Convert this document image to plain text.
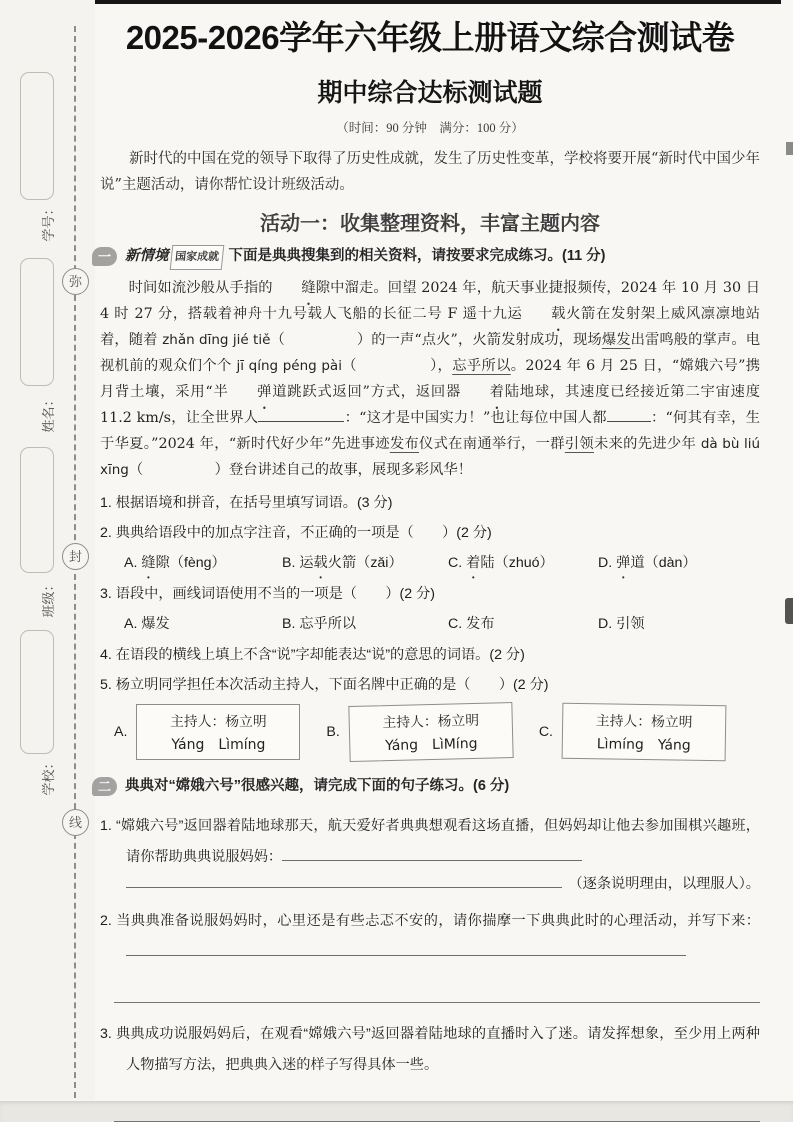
学号：
姓名：
班级：
学校：
弥
封
线
2025-2026学年六年级上册语文综合测试卷
期中综合达标测试题
（时间：90 分钟　满分：100 分）

新时代的中国在党的领导下取得了历史性成就，发生了历史性变革，学校将要开展“新时代中国少年说”主题活动，请你帮忙设计班级活动。

活动一：收集整理资料，丰富主题内容
一 新情境 国家成就 下面是典典搜集到的相关资料，请按要求完成练习。(11 分)

时间如流沙般从手指的 缝隙中溜走。回望 2024 年，航天事业捷报频传，2024 年 10 月 30 日 4 时 27 分，搭载着神舟十九号载人飞船的长征二号 F 遥十九运 载火箭在发射架上威风凛凛地站着，随着 zhǎn dīng jié tiě（　　　　　）的一声“点火”，火箭发射成功，现场爆发出雷鸣般的掌声。电视机前的观众们个个 jī qíng péng pài（　　　　　），忘乎所以。2024 年 6 月 25 日，“嫦娥六号”携月背土壤，采用“半 弹道跳跃式返回”方式，返回器 着陆地球，其速度已经接近第二宇宙速度 11.2 km/s，让全世界人	：“这才是中国实力！”也让每位中国人都	：“何其有幸，生于华夏。”2024 年，“新时代好少年”先进事迹发布仪式在南通举行，一群引领未来的先进少年 dà bù liú xīng（　　　　　）登台讲述自己的故事，展现多彩风华！

1. 根据语境和拼音，在括号里填写词语。(3 分)
2. 典典给语段中的加点字注音，不正确的一项是（　　）(2 分)
A. 缝隙（fèng）	B. 运载火箭（zǎi）	C. 着陆（zhuó）	D. 弹道（dàn）
3. 语段中，画线词语使用不当的一项是（　　）(2 分)
A. 爆发	B. 忘乎所以	C. 发布	D. 引领
4. 在语段的横线上填上不含“说”字却能表达“说”的意思的词语。(2 分)
5. 杨立明同学担任本次活动主持人，下面名牌中正确的是（　　）(2 分)
A.
主持人：杨立明
Yáng　Lìmíng
B.
主持人：杨立明
Yáng　LìMíng
C.
主持人：杨立明
Lìmíng　Yáng
二 典典对“嫦娥六号”很感兴趣，请完成下面的句子练习。(6 分)
1. “嫦娥六号”返回器着陆地球那天，航天爱好者典典想观看这场直播，但妈妈却让他去参加围棋兴趣班，请你帮助典典说服妈妈：
（逐条说明理由，以理服人）。
2. 当典典准备说服妈妈时，心里还是有些忐忑不安的，请你揣摩一下典典此时的心理活动，并写下来：
3. 典典成功说服妈妈后，在观看“嫦娥六号”返回器着陆地球的直播时入了迷。请发挥想象，至少用上两种人物描写方法，把典典入迷的样子写得具体一些。
